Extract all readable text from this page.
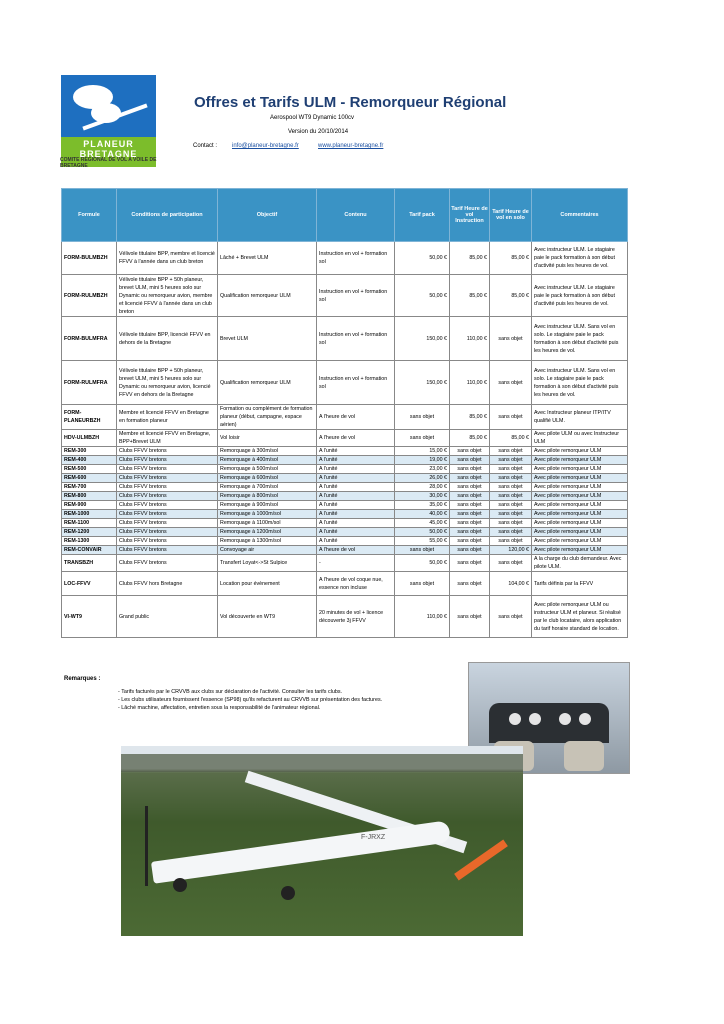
PLANEUR
BRETAGNE
COMITE REGIONAL DE VOL A VOILE DE BRETAGNE
Offres et Tarifs ULM - Remorqueur Régional
Aerospool WT9 Dynamic 100cv
Version du 20/10/2014
Contact : info@planeur-bretagne.fr	www.planeur-bretagne.fr
Formule	Conditions de participation	Objectif	Contenu	Tarif pack	Tarif Heure de vol Instruction	Tarif Heure de vol en solo	Commentaires
FORM-BULMBZH	Vélivole titulaire BPP, membre et licencié FFVV à l'année dans un club breton	Lâché + Brevet ULM	Instruction en vol + formation sol	50,00 €	85,00 €	85,00 €	Avec instructeur ULM. Le stagiaire paie le pack formation à son début d'activité puis les heures de vol.
FORM-RULMBZH	Vélivole titulaire BPP + 50h planeur, brevet ULM, mini 5 heures solo sur Dynamic ou remorqueur avion, membre et licencié FFVV à l'année dans un club breton	Qualification remorqueur ULM	Instruction en vol + formation sol	50,00 €	85,00 €	85,00 €	Avec instructeur ULM. Le stagiaire paie le pack formation à son début d'activité puis les heures de vol.
FORM-BULMFRA	Vélivole titulaire BPP, licencié FFVV en dehors de la Bretagne	Brevet ULM	Instruction en vol + formation sol	150,00 €	110,00 €	sans objet	Avec instructeur ULM. Sans vol en solo. Le stagiaire paie le pack formation à son début d'activité puis les heures de vol.
FORM-RULMFRA	Vélivole titulaire BPP + 50h planeur, brevet ULM, mini 5 heures solo sur Dynamic ou remorqueur avion, licencié FFVV en dehors de la Bretagne	Qualification remorqueur ULM	Instruction en vol + formation sol	150,00 €	110,00 €	sans objet	Avec instructeur ULM. Sans vol en solo. Le stagiaire paie le pack formation à son début d'activité puis les heures de vol.
FORM-PLANEURBZH	Membre et licencié FFVV en Bretagne en formation planeur	Formation ou complément de formation planeur (début, campagne, espace aérien)	A l'heure de vol	sans objet	85,00 €	sans objet	Avec Instructeur planeur ITP/ITV qualifié ULM.
HDV-ULMBZH	Membre et licencié FFVV en Bretagne, BPP+Brevet ULM	Vol loisir	A l'heure de vol	sans objet	85,00 €	85,00 €	Avec pilote ULM ou avec Instructeur ULM
REM-300	Clubs FFVV bretons	Remorquage à 300m/sol	A l'unité	15,00 €	sans objet	sans objet	Avec pilote remorqueur ULM
REM-400	Clubs FFVV bretons	Remorquage à 400m/sol	A l'unité	19,00 €	sans objet	sans objet	Avec pilote remorqueur ULM
REM-500	Clubs FFVV bretons	Remorquage à 500m/sol	A l'unité	23,00 €	sans objet	sans objet	Avec pilote remorqueur ULM
REM-600	Clubs FFVV bretons	Remorquage à 600m/sol	A l'unité	26,00 €	sans objet	sans objet	Avec pilote remorqueur ULM
REM-700	Clubs FFVV bretons	Remorquage à 700m/sol	A l'unité	28,00 €	sans objet	sans objet	Avec pilote remorqueur ULM
REM-800	Clubs FFVV bretons	Remorquage à 800m/sol	A l'unité	30,00 €	sans objet	sans objet	Avec pilote remorqueur ULM
REM-900	Clubs FFVV bretons	Remorquage à 900m/sol	A l'unité	35,00 €	sans objet	sans objet	Avec pilote remorqueur ULM
REM-1000	Clubs FFVV bretons	Remorquage à 1000m/sol	A l'unité	40,00 €	sans objet	sans objet	Avec pilote remorqueur ULM
REM-1100	Clubs FFVV bretons	Remorquage à 1100m/sol	A l'unité	45,00 €	sans objet	sans objet	Avec pilote remorqueur ULM
REM-1200	Clubs FFVV bretons	Remorquage à 1200m/sol	A l'unité	50,00 €	sans objet	sans objet	Avec pilote remorqueur ULM
REM-1300	Clubs FFVV bretons	Remorquage à 1300m/sol	A l'unité	55,00 €	sans objet	sans objet	Avec pilote remorqueur ULM
REM-CONVAIR	Clubs FFVV bretons	Convoyage air	A l'heure de vol	sans objet	sans objet	120,00 €	Avec pilote remorqueur ULM
TRANSBZH	Clubs FFVV bretons	Transfert Loyat<->St Sulpice	-	50,00 €	sans objet	sans objet	A la charge du club demandeur. Avec pilote ULM.
LOC-FFVV	Clubs FFVV hors Bretagne	Location pour évènement	A l'heure de vol coque nue, essence non incluse	sans objet	sans objet	104,00 €	Tarifs définis par la FFVV
VI-WT9	Grand public	Vol découverte en WT9	20 minutes de vol + licence découverte 3j FFVV	110,00 €	sans objet	sans objet	Avec pilote remorqueur ULM ou instructeur ULM et planeur. Si réalisé par le club locataire, alors application du tarif horaire standard de location.
Remarques :
- Tarifs facturés par le CRVVB aux clubs sur déclaration de l'activité. Consulter les tarifs clubs.
- Les clubs utilisateurs fournissent l'essence (SP98) qu'ils refacturent au CRVVB sur présentation des factures.
- Lâché machine, affectation, entretien sous la responsabilité de l'animateur régional.
F-JRXZ
